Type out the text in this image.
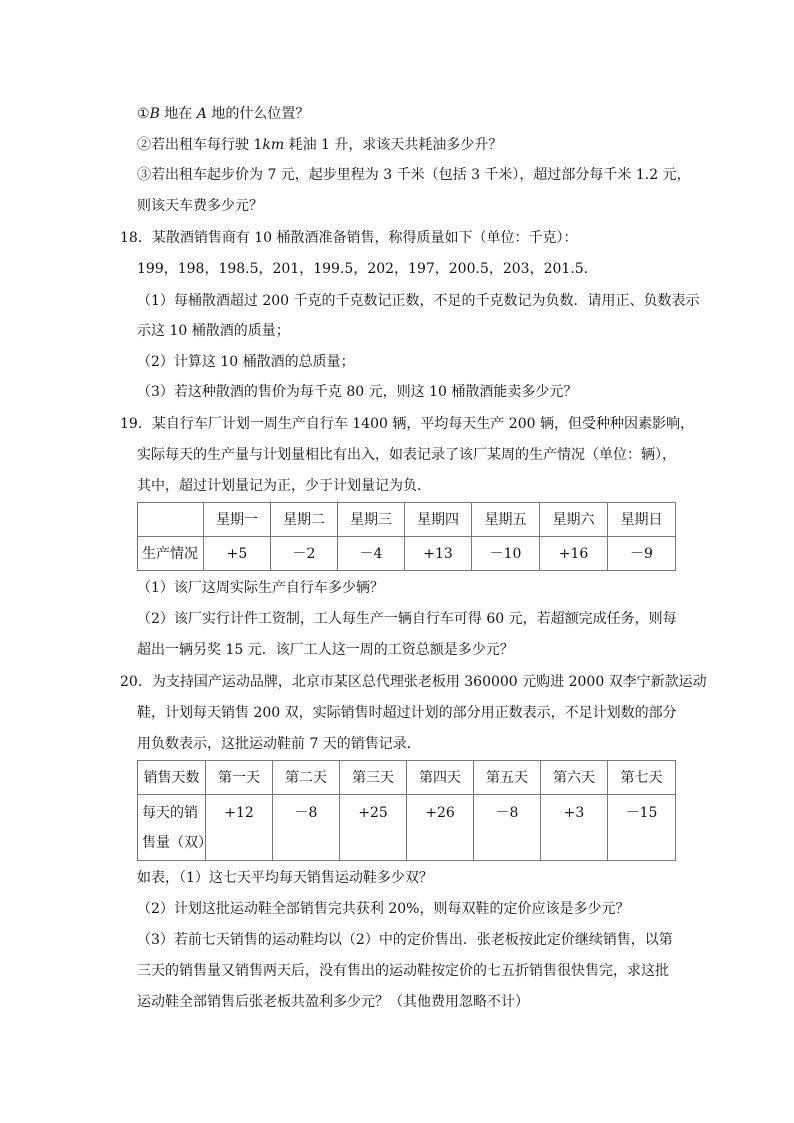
①B 地在 A 地的什么位置？
②若出租车每行驶 1km 耗油 1 升，求该天共耗油多少升？
③若出租车起步价为 7 元，起步里程为 3 千米（包括 3 千米），超过部分每千米 1.2 元，
则该天车费多少元？
18．某散酒销售商有 10 桶散酒准备销售，称得质量如下（单位：千克）：
199，198，198.5，201，199.5，202，197，200.5，203，201.5．
（1）每桶散酒超过 200 千克的千克数记正数，不足的千克数记为负数．请用正、负数表示
示这 10 桶散酒的质量；
（2）计算这 10 桶散酒的总质量；
（3）若这种散酒的售价为每千克 80 元，则这 10 桶散酒能卖多少元？
19．某自行车厂计划一周生产自行车 1400 辆，平均每天生产 200 辆，但受种种因素影响，
实际每天的生产量与计划量相比有出入，如表记录了该厂某周的生产情况（单位：辆），
其中，超过计划量记为正，少于计划量记为负．
	星期一	星期二	星期三	星期四	星期五	星期六	星期日
生产情况	+5	－2	－4	+13	－10	+16	－9
（1）该厂这周实际生产自行车多少辆？
（2）该厂实行计件工资制，工人每生产一辆自行车可得 60 元，若超额完成任务，则每
超出一辆另奖 15 元．该厂工人这一周的工资总额是多少元？
20．为支持国产运动品牌，北京市某区总代理张老板用 360000 元购进 2000 双李宁新款运动
鞋，计划每天销售 200 双，实际销售时超过计划的部分用正数表示，不足计划数的部分
用负数表示，这批运动鞋前 7 天的销售记录．
销售天数	第一天	第二天	第三天	第四天	第五天	第六天	第七天
每天的销
售量（双）	+12	－8	+25	+26	－8	+3	－15
如表，（1）这七天平均每天销售运动鞋多少双？
（2）计划这批运动鞋全部销售完共获利 20%，则每双鞋的定价应该是多少元？
（3）若前七天销售的运动鞋均以（2）中的定价售出．张老板按此定价继续销售，以第
三天的销售量又销售两天后，没有售出的运动鞋按定价的七五折销售很快售完，求这批
运动鞋全部销售后张老板共盈利多少元？（其他费用忽略不计）
